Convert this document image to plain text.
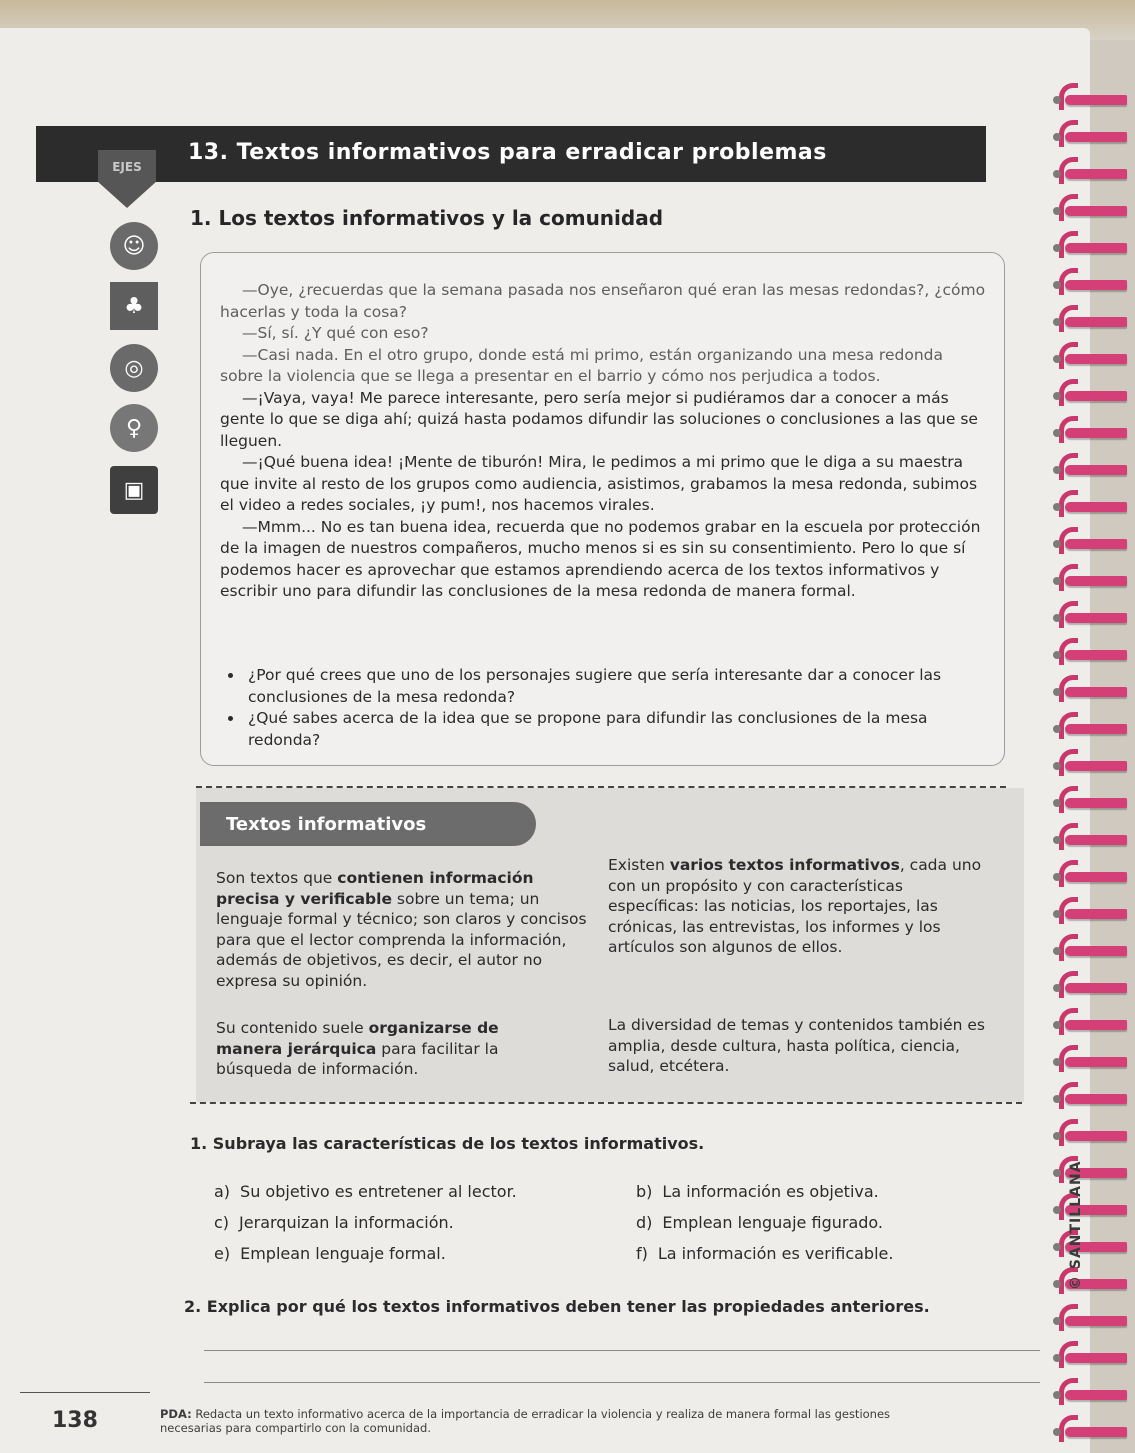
EJES
13. Textos informativos para erradicar problemas
1. Los textos informativos y la comunidad
☺
♣
◎
♀
▣

—Oye, ¿recuerdas que la semana pasada nos enseñaron qué eran las mesas redondas?, ¿cómo hacerlas y toda la cosa?

—Sí, sí. ¿Y qué con eso?

—Casi nada. En el otro grupo, donde está mi primo, están organizando una mesa redonda sobre la violencia que se llega a presentar en el barrio y cómo nos perjudica a todos.

—¡Vaya, vaya! Me parece interesante, pero sería mejor si pudiéramos dar a conocer a más gente lo que se diga ahí; quizá hasta podamos difundir las soluciones o conclusiones a las que se lleguen.

—¡Qué buena idea! ¡Mente de tiburón! Mira, le pedimos a mi primo que le diga a su maestra que invite al resto de los grupos como audiencia, asistimos, grabamos la mesa redonda, subimos el video a redes sociales, ¡y pum!, nos hacemos virales.

—Mmm... No es tan buena idea, recuerda que no podemos grabar en la escuela por protección de la imagen de nuestros compañeros, mucho menos si es sin su consentimiento. Pero lo que sí podemos hacer es aprovechar que estamos aprendiendo acerca de los textos informativos y escribir uno para difundir las conclusiones de la mesa redonda de manera formal.

¿Por qué crees que uno de los personajes sugiere que sería interesante dar a conocer las conclusiones de la mesa redonda?

¿Qué sabes acerca de la idea que se propone para difundir las conclusiones de la mesa redonda?

Textos informativos

Son textos que contienen información precisa y verificable sobre un tema; un lenguaje formal y técnico; son claros y concisos para que el lector comprenda la información, además de objetivos, es decir, el autor no expresa su opinión.

Su contenido suele organizarse de manera jerárquica para facilitar la búsqueda de información.

Existen varios textos informativos, cada uno con un propósito y con características específicas: las noticias, los reportajes, las crónicas, las entrevistas, los informes y los artículos son algunos de ellos.

La diversidad de temas y contenidos también es amplia, desde cultura, hasta política, ciencia, salud, etcétera.

1. Subraya las características de los textos informativos.
a) Su objetivo es entretener al lector.	b) La información es objetiva.
c) Jerarquizan la información.	d) Emplean lenguaje figurado.
e) Emplean lenguaje formal.	f) La información es verificable.
2. Explica por qué los textos informativos deben tener las propiedades anteriores.
138	PDA: Redacta un texto informativo acerca de la importancia de erradicar la violencia y realiza de manera formal las gestiones necesarias para compartirlo con la comunidad.
© SANTILLANA
